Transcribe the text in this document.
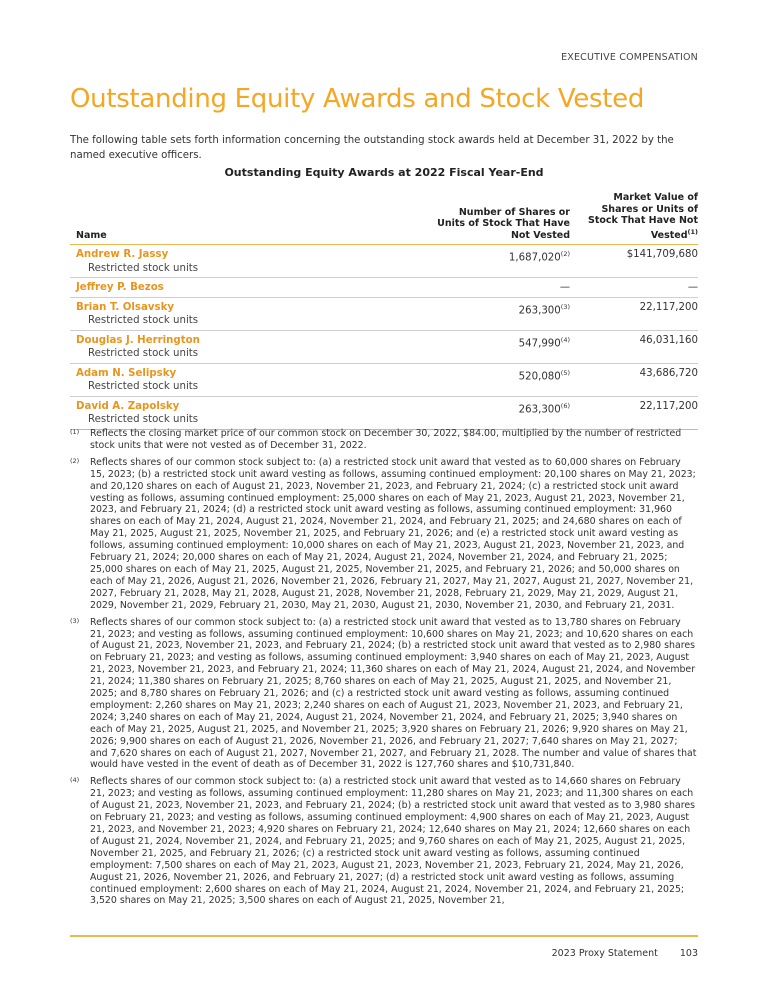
EXECUTIVE COMPENSATION
Outstanding Equity Awards and Stock Vested

The following table sets forth information concerning the outstanding stock awards held at December 31, 2022 by the named executive officers.

Outstanding Equity Awards at 2022 Fiscal Year-End

Name	Number of Shares or Units of Stock That Have Not Vested	Market Value of Shares or Units of Stock That Have Not Vested$^{(1)}$

Andrew R. Jassy
Restricted stock units	1,687,020$^{(2)}$	$141,709,680

Jeffrey P. Bezos	—	—

Brian T. Olsavsky
Restricted stock units	263,300$^{(3)}$	22,117,200

Douglas J. Herrington
Restricted stock units	547,990$^{(4)}$	46,031,160

Adam N. Selipsky
Restricted stock units	520,080$^{(5)}$	43,686,720

David A. Zapolsky
Restricted stock units	263,300$^{(6)}$	22,117,200
(1)	Reflects the closing market price of our common stock on December 30, 2022, $84.00, multiplied by the number of restricted stock units that were not vested as of December 31, 2022.
(2)	Reflects shares of our common stock subject to: (a) a restricted stock unit award that vested as to 60,000 shares on February 15, 2023; (b) a restricted stock unit award vesting as follows, assuming continued employment: 20,100 shares on May 21, 2023; and 20,120 shares on each of August 21, 2023, November 21, 2023, and February 21, 2024; (c) a restricted stock unit award vesting as follows, assuming continued employment: 25,000 shares on each of May 21, 2023, August 21, 2023, November 21, 2023, and February 21, 2024; (d) a restricted stock unit award vesting as follows, assuming continued employment: 31,960 shares on each of May 21, 2024, August 21, 2024, November 21, 2024, and February 21, 2025; and 24,680 shares on each of May 21, 2025, August 21, 2025, November 21, 2025, and February 21, 2026; and (e) a restricted stock unit award vesting as follows, assuming continued employment: 10,000 shares on each of May 21, 2023, August 21, 2023, November 21, 2023, and February 21, 2024; 20,000 shares on each of May 21, 2024, August 21, 2024, November 21, 2024, and February 21, 2025; 25,000 shares on each of May 21, 2025, August 21, 2025, November 21, 2025, and February 21, 2026; and 50,000 shares on each of May 21, 2026, August 21, 2026, November 21, 2026, February 21, 2027, May 21, 2027, August 21, 2027, November 21, 2027, February 21, 2028, May 21, 2028, August 21, 2028, November 21, 2028, February 21, 2029, May 21, 2029, August 21, 2029, November 21, 2029, February 21, 2030, May 21, 2030, August 21, 2030, November 21, 2030, and February 21, 2031.
(3)	Reflects shares of our common stock subject to: (a) a restricted stock unit award that vested as to 13,780 shares on February 21, 2023; and vesting as follows, assuming continued employment: 10,600 shares on May 21, 2023; and 10,620 shares on each of August 21, 2023, November 21, 2023, and February 21, 2024; (b) a restricted stock unit award that vested as to 2,980 shares on February 21, 2023; and vesting as follows, assuming continued employment: 3,940 shares on each of May 21, 2023, August 21, 2023, November 21, 2023, and February 21, 2024; 11,360 shares on each of May 21, 2024, August 21, 2024, and November 21, 2024; 11,380 shares on February 21, 2025; 8,760 shares on each of May 21, 2025, August 21, 2025, and November 21, 2025; and 8,780 shares on February 21, 2026; and (c) a restricted stock unit award vesting as follows, assuming continued employment: 2,260 shares on May 21, 2023; 2,240 shares on each of August 21, 2023, November 21, 2023, and February 21, 2024; 3,240 shares on each of May 21, 2024, August 21, 2024, November 21, 2024, and February 21, 2025; 3,940 shares on each of May 21, 2025, August 21, 2025, and November 21, 2025; 3,920 shares on February 21, 2026; 9,920 shares on May 21, 2026; 9,900 shares on each of August 21, 2026, November 21, 2026, and February 21, 2027; 7,640 shares on May 21, 2027; and 7,620 shares on each of August 21, 2027, November 21, 2027, and February 21, 2028. The number and value of shares that would have vested in the event of death as of December 31, 2022 is 127,760 shares and $10,731,840.
(4)	Reflects shares of our common stock subject to: (a) a restricted stock unit award that vested as to 14,660 shares on February 21, 2023; and vesting as follows, assuming continued employment: 11,280 shares on May 21, 2023; and 11,300 shares on each of August 21, 2023, November 21, 2023, and February 21, 2024; (b) a restricted stock unit award that vested as to 3,980 shares on February 21, 2023; and vesting as follows, assuming continued employment: 4,900 shares on each of May 21, 2023, August 21, 2023, and November 21, 2023; 4,920 shares on February 21, 2024; 12,640 shares on May 21, 2024; 12,660 shares on each of August 21, 2024, November 21, 2024, and February 21, 2025; and 9,760 shares on each of May 21, 2025, August 21, 2025, November 21, 2025, and February 21, 2026; (c) a restricted stock unit award vesting as follows, assuming continued employment: 7,500 shares on each of May 21, 2023, August 21, 2023, November 21, 2023, February 21, 2024, May 21, 2026, August 21, 2026, November 21, 2026, and February 21, 2027; (d) a restricted stock unit award vesting as follows, assuming continued employment: 2,600 shares on each of May 21, 2024, August 21, 2024, November 21, 2024, and February 21, 2025; 3,520 shares on May 21, 2025; 3,500 shares on each of August 21, 2025, November 21,
2023 Proxy Statement 103
